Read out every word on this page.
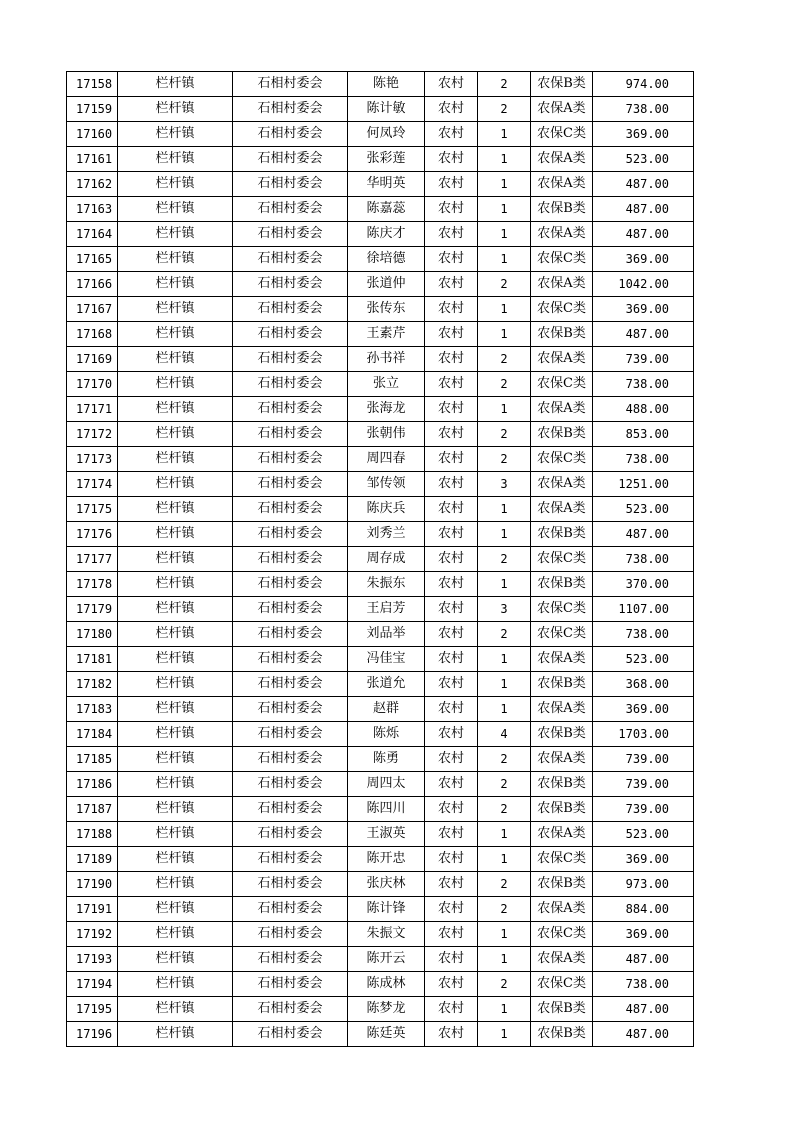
17158	栏杆镇	石相村委会	陈艳	农村	2	农保B类	974.00
17159	栏杆镇	石相村委会	陈计敏	农村	2	农保A类	738.00
17160	栏杆镇	石相村委会	何凤玲	农村	1	农保C类	369.00
17161	栏杆镇	石相村委会	张彩莲	农村	1	农保A类	523.00
17162	栏杆镇	石相村委会	华明英	农村	1	农保A类	487.00
17163	栏杆镇	石相村委会	陈嘉蕊	农村	1	农保B类	487.00
17164	栏杆镇	石相村委会	陈庆才	农村	1	农保A类	487.00
17165	栏杆镇	石相村委会	徐培德	农村	1	农保C类	369.00
17166	栏杆镇	石相村委会	张道仲	农村	2	农保A类	1042.00
17167	栏杆镇	石相村委会	张传东	农村	1	农保C类	369.00
17168	栏杆镇	石相村委会	王素芹	农村	1	农保B类	487.00
17169	栏杆镇	石相村委会	孙书祥	农村	2	农保A类	739.00
17170	栏杆镇	石相村委会	张立	农村	2	农保C类	738.00
17171	栏杆镇	石相村委会	张海龙	农村	1	农保A类	488.00
17172	栏杆镇	石相村委会	张朝伟	农村	2	农保B类	853.00
17173	栏杆镇	石相村委会	周四春	农村	2	农保C类	738.00
17174	栏杆镇	石相村委会	邹传领	农村	3	农保A类	1251.00
17175	栏杆镇	石相村委会	陈庆兵	农村	1	农保A类	523.00
17176	栏杆镇	石相村委会	刘秀兰	农村	1	农保B类	487.00
17177	栏杆镇	石相村委会	周存成	农村	2	农保C类	738.00
17178	栏杆镇	石相村委会	朱振东	农村	1	农保B类	370.00
17179	栏杆镇	石相村委会	王启芳	农村	3	农保C类	1107.00
17180	栏杆镇	石相村委会	刘品举	农村	2	农保C类	738.00
17181	栏杆镇	石相村委会	冯佳宝	农村	1	农保A类	523.00
17182	栏杆镇	石相村委会	张道允	农村	1	农保B类	368.00
17183	栏杆镇	石相村委会	赵群	农村	1	农保A类	369.00
17184	栏杆镇	石相村委会	陈烁	农村	4	农保B类	1703.00
17185	栏杆镇	石相村委会	陈勇	农村	2	农保A类	739.00
17186	栏杆镇	石相村委会	周四太	农村	2	农保B类	739.00
17187	栏杆镇	石相村委会	陈四川	农村	2	农保B类	739.00
17188	栏杆镇	石相村委会	王淑英	农村	1	农保A类	523.00
17189	栏杆镇	石相村委会	陈开忠	农村	1	农保C类	369.00
17190	栏杆镇	石相村委会	张庆林	农村	2	农保B类	973.00
17191	栏杆镇	石相村委会	陈计锋	农村	2	农保A类	884.00
17192	栏杆镇	石相村委会	朱振文	农村	1	农保C类	369.00
17193	栏杆镇	石相村委会	陈开云	农村	1	农保A类	487.00
17194	栏杆镇	石相村委会	陈成林	农村	2	农保C类	738.00
17195	栏杆镇	石相村委会	陈梦龙	农村	1	农保B类	487.00
17196	栏杆镇	石相村委会	陈廷英	农村	1	农保B类	487.00
